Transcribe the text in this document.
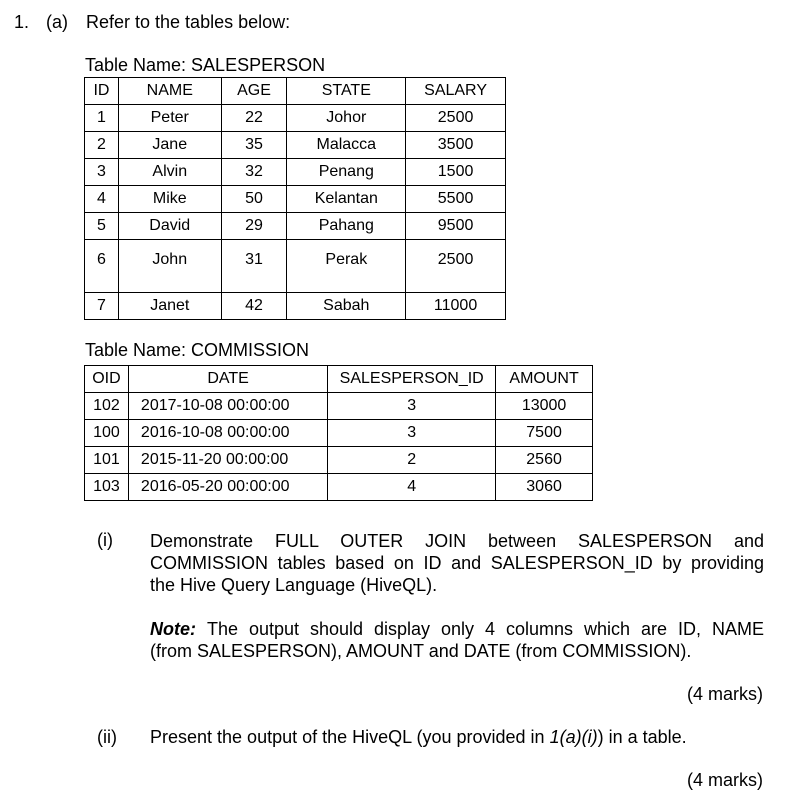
1. (a) Refer to the tables below:
Table Name: SALESPERSON
ID	NAME	AGE	STATE	SALARY
1	Peter	22	Johor	2500
2	Jane	35	Malacca	3500
3	Alvin	32	Penang	1500
4	Mike	50	Kelantan	5500
5	David	29	Pahang	9500
6	John	31	Perak	2500
7	Janet	42	Sabah	11000
Table Name: COMMISSION
OID	DATE	SALESPERSON_ID	AMOUNT
102	2017-10-08 00:00:00	3	13000
100	2016-10-08 00:00:00	3	7500
101	2015-11-20 00:00:00	2	2560
103	2016-05-20 00:00:00	4	3060
(i) Demonstrate FULL OUTER JOIN between SALESPERSON and
COMMISSION tables based on ID and SALESPERSON_ID by providing
the Hive Query Language (HiveQL).
Note: The output should display only 4 columns which are ID, NAME
(from SALESPERSON), AMOUNT and DATE (from COMMISSION).
(4 marks)
(ii) Present the output of the HiveQL (you provided in 1(a)(i)) in a table.
(4 marks)
